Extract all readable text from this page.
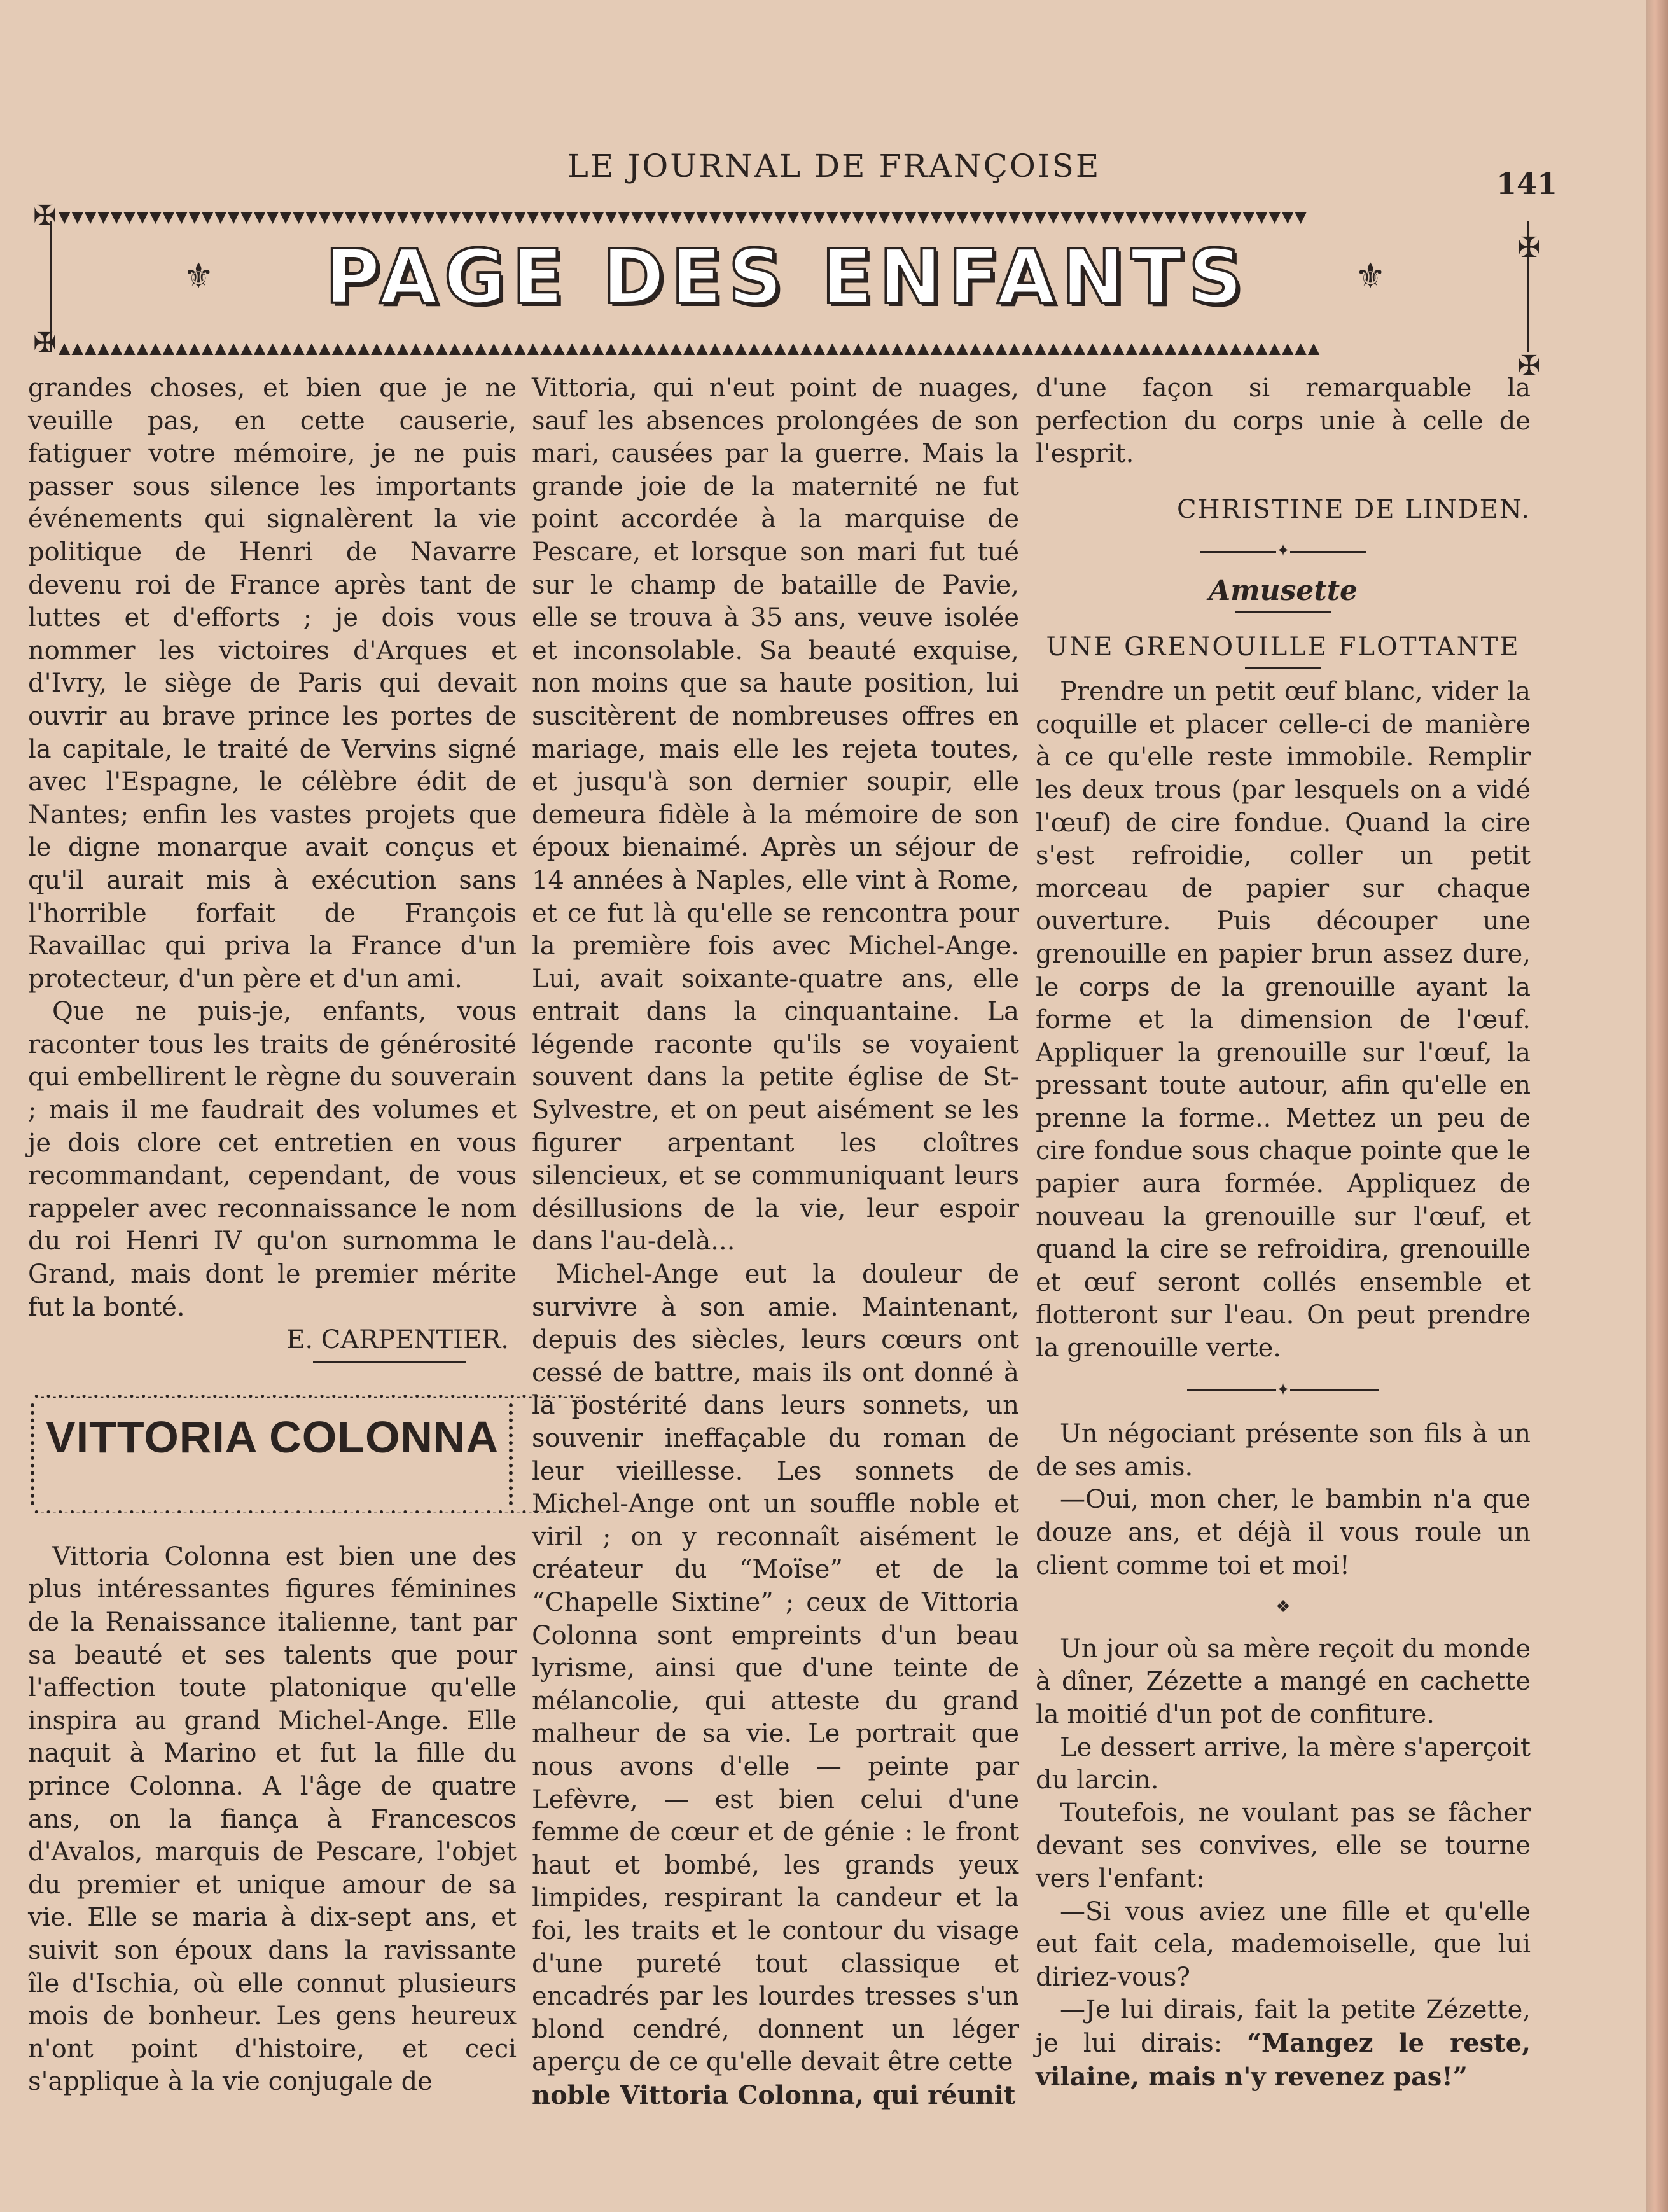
LE JOURNAL DE FRANÇOISE	141
▼▼▼▼▼▼▼▼▼▼▼▼▼▼▼▼▼▼▼▼▼▼▼▼▼▼▼▼▼▼▼▼▼▼▼▼▼▼▼▼▼▼▼▼▼▼▼▼▼▼▼▼▼▼▼▼▼▼▼▼▼▼▼▼▼▼▼▼▼▼▼▼▼▼▼▼▼▼▼▼▼▼▼▼▼▼▼▼▼▼▼▼▼▼▼▼
▲▲▲▲▲▲▲▲▲▲▲▲▲▲▲▲▲▲▲▲▲▲▲▲▲▲▲▲▲▲▲▲▲▲▲▲▲▲▲▲▲▲▲▲▲▲▲▲▲▲▲▲▲▲▲▲▲▲▲▲▲▲▲▲▲▲▲▲▲▲▲▲▲▲▲▲▲▲▲▲▲▲▲▲▲▲▲▲▲▲▲▲▲▲▲▲▲
✠
✠
✠
✠
⚜	⚜
PAGE DES ENFANTS

grandes choses, et bien que je ne veuille pas, en cette causerie, fatiguer votre mémoire, je ne puis passer sous silence les importants événements qui signalèrent la vie politique de Henri de Navarre devenu roi de France après tant de luttes et d'efforts ; je dois vous nommer les victoires d'Arques et d'Ivry, le siège de Paris qui devait ouvrir au brave prince les portes de la capitale, le traité de Vervins signé avec l'Espagne, le célèbre édit de Nantes; enfin les vastes projets que le digne monarque avait conçus et qu'il aurait mis à exécution sans l'horrible forfait de François Ravaillac qui priva la France d'un protecteur, d'un père et d'un ami.

Que ne puis-je, enfants, vous raconter tous les traits de générosité qui embellirent le règne du souverain ; mais il me faudrait des volumes et je dois clore cet entretien en vous recommandant, cependant, de vous rappeler avec reconnaissance le nom du roi Henri IV qu'on surnomma le Grand, mais dont le premier mérite fut la bonté.

E. CARPENTIER.

•‑•‑•‑•‑•‑•‑•‑•‑•‑•‑•‑•‑•‑•‑•‑•‑•‑•‑•‑•‑•‑•‑•‑•‑•‑•‑•‑•‑•‑•‑•‑•‑•‑•‑•‑•‑•‑•‑•‑•‑•‑•‑•‑•‑•‑•‑•
•‑•‑•‑•‑•‑•‑•‑•‑•‑•‑•‑•‑•‑•‑•‑•‑•‑•‑•‑•‑•‑•‑•‑•‑•‑•‑•‑•‑•‑•‑•‑•‑•‑•‑•‑•‑•‑•‑•‑•‑•‑•‑•‑•‑•‑•‑•
VITTORIA COLONNA

Vittoria Colonna est bien une des plus intéressantes figures féminines de la Renaissance italienne, tant par sa beauté et ses talents que pour l'affection toute platonique qu'elle inspira au grand Michel-Ange. Elle naquit à Marino et fut la fille du prince Colonna. A l'âge de quatre ans, on la fiança à Francescos d'Avalos, marquis de Pescare, l'objet du premier et unique amour de sa vie. Elle se maria à dix-sept ans, et suivit son époux dans la ravissante île d'Ischia, où elle connut plusieurs mois de bonheur. Les gens heureux n'ont point d'histoire, et ceci s'applique à la vie conjugale de

Vittoria, qui n'eut point de nuages, sauf les absences prolongées de son mari, causées par la guerre. Mais la grande joie de la maternité ne fut point accordée à la marquise de Pescare, et lorsque son mari fut tué sur le champ de bataille de Pavie, elle se trouva à 35 ans, veuve isolée et inconsolable. Sa beauté exquise, non moins que sa haute position, lui suscitèrent de nombreuses offres en mariage, mais elle les rejeta toutes, et jusqu'à son dernier soupir, elle demeura fidèle à la mémoire de son époux bienaimé. Après un séjour de 14 années à Naples, elle vint à Rome, et ce fut là qu'elle se rencontra pour la première fois avec Michel-Ange. Lui, avait soixante-quatre ans, elle entrait dans la cinquantaine. La légende raconte qu'ils se voyaient souvent dans la petite église de St-Sylvestre, et on peut aisément se les figurer arpentant les cloîtres silencieux, et se communiquant leurs désillusions de la vie, leur espoir dans l'au-delà...

Michel-Ange eut la douleur de survivre à son amie. Maintenant, depuis des siècles, leurs cœurs ont cessé de battre, mais ils ont donné à la postérité dans leurs sonnets, un souvenir ineffaçable du roman de leur vieillesse. Les sonnets de Michel-Ange ont un souffle noble et viril ; on y reconnaît aisément le créateur du “Moïse” et de la “Chapelle Sixtine” ; ceux de Vittoria Colonna sont empreints d'un beau lyrisme, ainsi que d'une teinte de mélancolie, qui atteste du grand malheur de sa vie. Le portrait que nous avons d'elle — peinte par Lefèvre, — est bien celui d'une femme de cœur et de génie : le front haut et bombé, les grands yeux limpides, respirant la candeur et la foi, les traits et le contour du visage d'une pureté tout classique et encadrés par les lourdes tresses s'un blond cendré, donnent un léger aperçu de ce qu'elle devait être cette

noble Vittoria Colonna, qui réunit

d'une façon si remarquable la perfection du corps unie à celle de l'esprit.

CHRISTINE DE LINDEN.
✦
Amusette
UNE GRENOUILLE FLOTTANTE

Prendre un petit œuf blanc, vider la coquille et placer celle-ci de manière à ce qu'elle reste immobile. Remplir les deux trous (par lesquels on a vidé l'œuf) de cire fondue. Quand la cire s'est refroidie, coller un petit morceau de papier sur chaque ouverture. Puis découper une grenouille en papier brun assez dure, le corps de la grenouille ayant la forme et la dimension de l'œuf. Appliquer la grenouille sur l'œuf, la pressant toute autour, afin qu'elle en prenne la forme.. Mettez un peu de cire fondue sous chaque pointe que le papier aura formée. Appliquez de nouveau la grenouille sur l'œuf, et quand la cire se refroidira, grenouille et œuf seront collés ensemble et flotteront sur l'eau. On peut prendre la grenouille verte.

✦

Un négociant présente son fils à un de ses amis.

—Oui, mon cher, le bambin n'a que douze ans, et déjà il vous roule un client comme toi et moi!

❖

Un jour où sa mère reçoit du monde à dîner, Zézette a mangé en cachette la moitié d'un pot de confiture.

Le dessert arrive, la mère s'aperçoit du larcin.

Toutefois, ne voulant pas se fâcher devant ses convives, elle se tourne vers l'enfant:

—Si vous aviez une fille et qu'elle eut fait cela, mademoiselle, que lui diriez-vous?

—Je lui dirais, fait la petite Zézette, je lui dirais: “Mangez le reste, vilaine, mais n'y revenez pas!”
